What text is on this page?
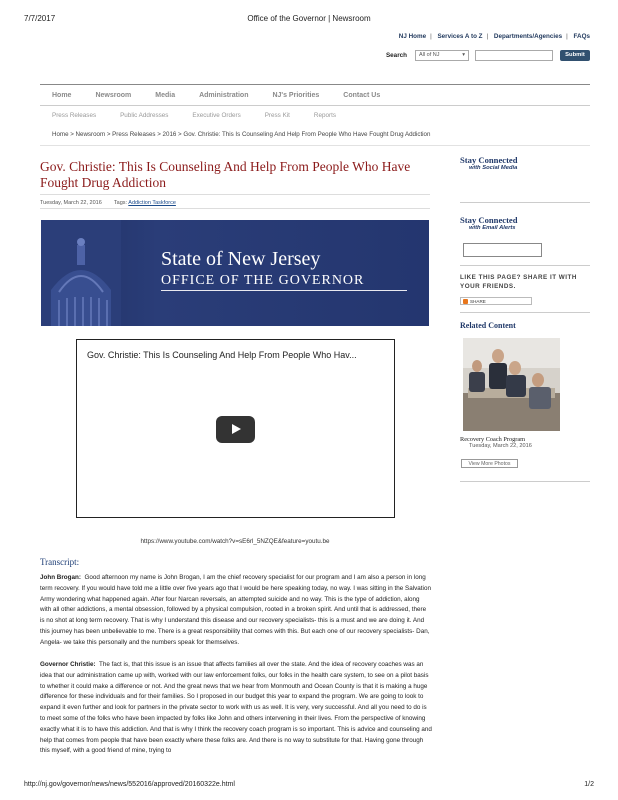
7/7/2017	Office of the Governor | Newsroom
NJ Home | Services A to Z | Departments/Agencies | FAQs
Search All of NJ	▾	Submit
Home	Newsroom	Media	Administration	NJ's Priorities	Contact Us
Press Releases	Public Addresses	Executive Orders	Press Kit	Reports
Home > Newsroom > Press Releases > 2016 > Gov. Christie: This Is Counseling And Help From People Who Have Fought Drug Addiction
Gov. Christie: This Is Counseling And Help From People Who Have Fought Drug Addiction
Tuesday, March 22, 2016 Tags: Addiction Taskforce
State of New Jersey
OFFICE OF THE GOVERNOR
Gov. Christie: This Is Counseling And Help From People Who Hav...
https://www.youtube.com/watch?v=sE6rl_5NZQE&feature=youtu.be
Transcript:
John Brogan: Good afternoon my name is John Brogan, I am the chief recovery specialist for our program and I am also a person in long term recovery. If you would have told me a little over five years ago that I would be here speaking today, no way. I was sitting in the Salvation Army wondering what happened again. After four Narcan reversals, an attempted suicide and no way. This is the type of addiction, along with all other addictions, a mental obsession, followed by a physical compulsion, rooted in a broken spirit. And until that is addressed, there is no shot at long term recovery. That is why I understand this disease and our recovery specialists- this is a must and we are doing it. And this journey has been unbelievable to me. There is a great responsibility that comes with this. But each one of our recovery specialists- Dan, Angela- we take this personally and the numbers speak for themselves.
Governor Christie: The fact is, that this issue is an issue that affects families all over the state. And the idea of recovery coaches was an idea that our administration came up with, worked with our law enforcement folks, our folks in the health care system, to see on a pilot basis to whether it could make a difference or not. And the great news that we hear from Monmouth and Ocean County is that it is making a huge difference for these individuals and for their families. So I proposed in our budget this year to expand the program. We are going to look to expand it even further and look for partners in the private sector to work with us as well. It is very, very successful. And all you need to do is to meet some of the folks who have been impacted by folks like John and others intervening in their lives. From the perspective of knowing exactly what it is to have this addiction. And that is why I think the recovery coach program is so important. This is advice and counseling and help that comes from people that have been exactly where these folks are. And there is no way to substitute for that. Having gone through this myself, with a good friend of mine, trying to
Stay Connected
with Social Media
Stay Connected
with Email Alerts
LIKE THIS PAGE? SHARE IT WITH YOUR FRIENDS.
SHARE
Related Content
Recovery Coach Program
Tuesday, March 22, 2016
View More Photos
http://nj.gov/governor/news/news/552016/approved/20160322e.html	1/2
